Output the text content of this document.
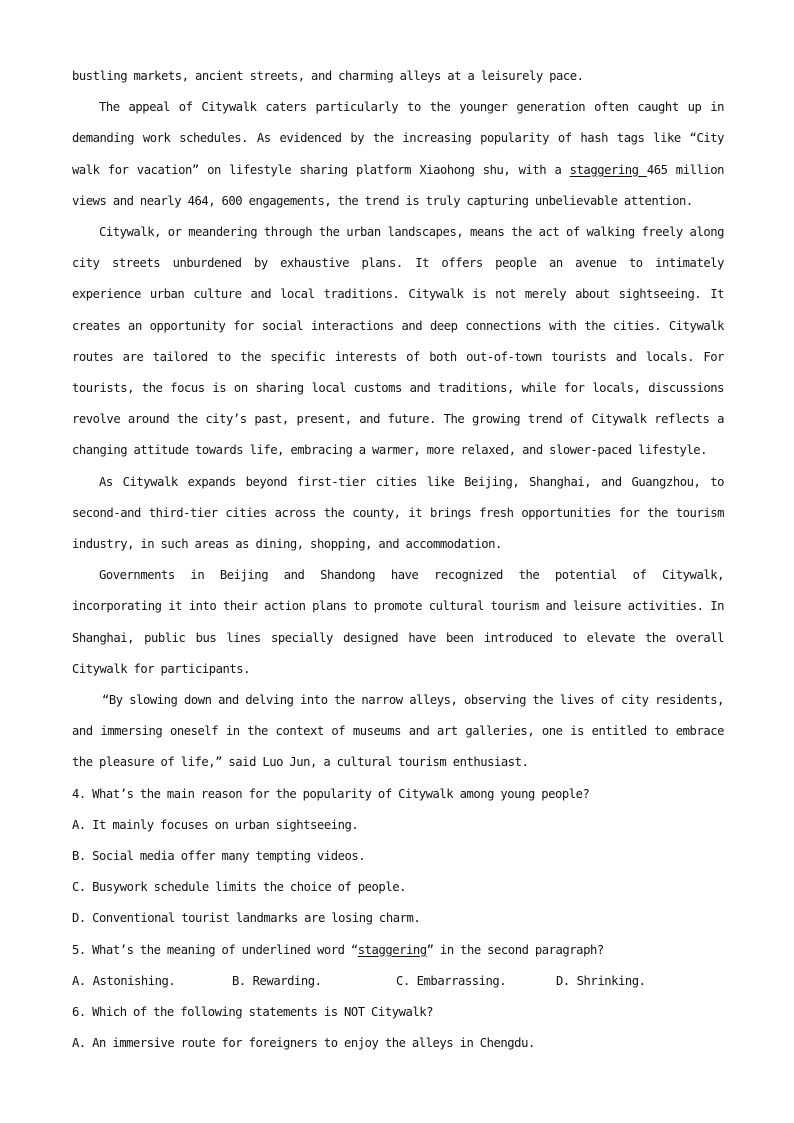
bustling markets, ancient streets, and charming alleys at a leisurely pace.

The appeal of Citywalk caters particularly to the younger generation often caught up in demanding work schedules. As evidenced by the increasing popularity of hash tags like “City walk for vacation” on lifestyle sharing platform Xiaohong shu, with a staggering 465 million views and nearly 464, 600 engagements, the trend is truly capturing unbelievable attention.

Citywalk, or meandering through the urban landscapes, means the act of walking freely along city streets unburdened by exhaustive plans. It offers people an avenue to intimately experience urban culture and local traditions. Citywalk is not merely about sightseeing. It creates an opportunity for social interactions and deep connections with the cities. Citywalk routes are tailored to the specific interests of both out-of-town tourists and locals. For tourists, the focus is on sharing local customs and traditions, while for locals, discussions revolve around the city’s past, present, and future. The growing trend of Citywalk reflects a changing attitude towards life, embracing a warmer, more relaxed, and slower-paced lifestyle.

As Citywalk expands beyond first-tier cities like Beijing, Shanghai, and Guangzhou, to second-and third-tier cities across the county, it brings fresh opportunities for the tourism industry, in such areas as dining, shopping, and accommodation.

Governments in Beijing and Shandong have recognized the potential of Citywalk, incorporating it into their action plans to promote cultural tourism and leisure activities. In Shanghai, public bus lines specially designed have been introduced to elevate the overall Citywalk for participants.

“By slowing down and delving into the narrow alleys, observing the lives of city residents, and immersing oneself in the context of museums and art galleries, one is entitled to embrace the pleasure of life,” said Luo Jun, a cultural tourism enthusiast.

4. What’s the main reason for the popularity of Citywalk among young people?

A. It mainly focuses on urban sightseeing.

B. Social media offer many tempting videos.

C. Busywork schedule limits the choice of people.

D. Conventional tourist landmarks are losing charm.

5. What’s the meaning of underlined word “staggering” in the second paragraph?

A. Astonishing.	B. Rewarding.	C. Embarrassing.	D. Shrinking.

6. Which of the following statements is NOT Citywalk?

A. An immersive route for foreigners to enjoy the alleys in Chengdu.
